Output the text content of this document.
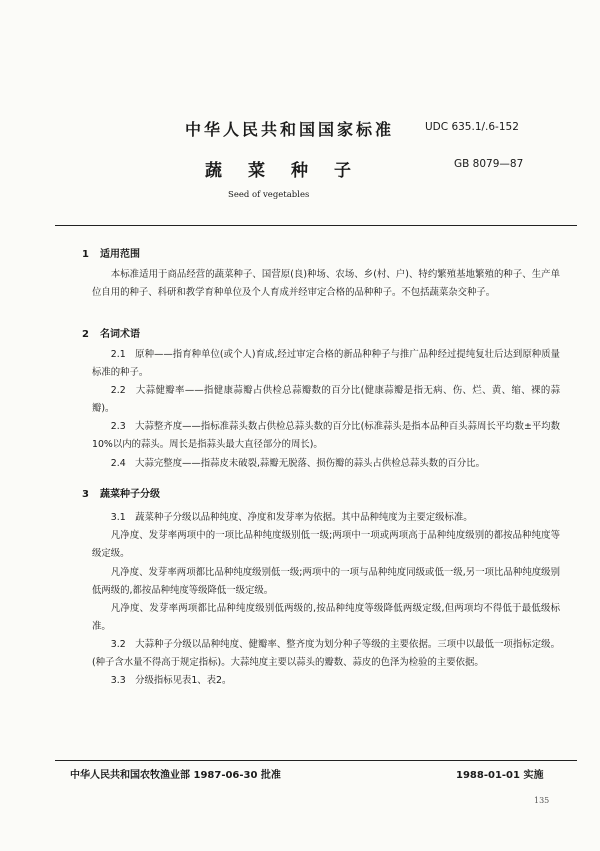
中华人民共和国国家标准	UDC 635.1/.6-152
蔬菜种子	GB 8079—87
Seed of vegetables
1 适用范围
本标准适用于商品经营的蔬菜种子、国营原(良)种场、农场、乡(村、户)、特约繁殖基地繁殖的种子、生产单位自用的种子、科研和教学育种单位及个人育成并经审定合格的品种种子。不包括蔬菜杂交种子。
2 名词术语
2.1　原种——指育种单位(或个人)育成,经过审定合格的新品种种子与推广品种经过提纯复壮后达到原种质量标准的种子。
2.2　大蒜健瓣率——指健康蒜瓣占供检总蒜瓣数的百分比(健康蒜瓣是指无病、伤、烂、黄、缩、裸的蒜瓣)。
2.3　大蒜整齐度——指标准蒜头数占供检总蒜头数的百分比(标准蒜头是指本品种百头蒜周长平均数±平均数10%以内的蒜头。周长是指蒜头最大直径部分的周长)。
2.4　大蒜完整度——指蒜皮未破裂,蒜瓣无脱落、损伤瓣的蒜头占供检总蒜头数的百分比。
3 蔬菜种子分级
3.1　蔬菜种子分级以品种纯度、净度和发芽率为依据。其中品种纯度为主要定级标准。
凡净度、发芽率两项中的一项比品种纯度级别低一级;两项中一项或两项高于品种纯度级别的都按品种纯度等级定级。
凡净度、发芽率两项都比品种纯度级别低一级;两项中的一项与品种纯度同级或低一级,另一项比品种纯度级别低两级的,都按品种纯度等级降低一级定级。
凡净度、发芽率两项都比品种纯度级别低两级的,按品种纯度等级降低两级定级,但两项均不得低于最低级标准。
3.2　大蒜种子分级以品种纯度、健瓣率、整齐度为划分种子等级的主要依据。三项中以最低一项指标定级。(种子含水量不得高于规定指标)。大蒜纯度主要以蒜头的瓣数、蒜皮的色泽为检验的主要依据。
3.3　分级指标见表1、表2。
中华人民共和国农牧渔业部 1987-06-30 批准	1988-01-01 实施
135
